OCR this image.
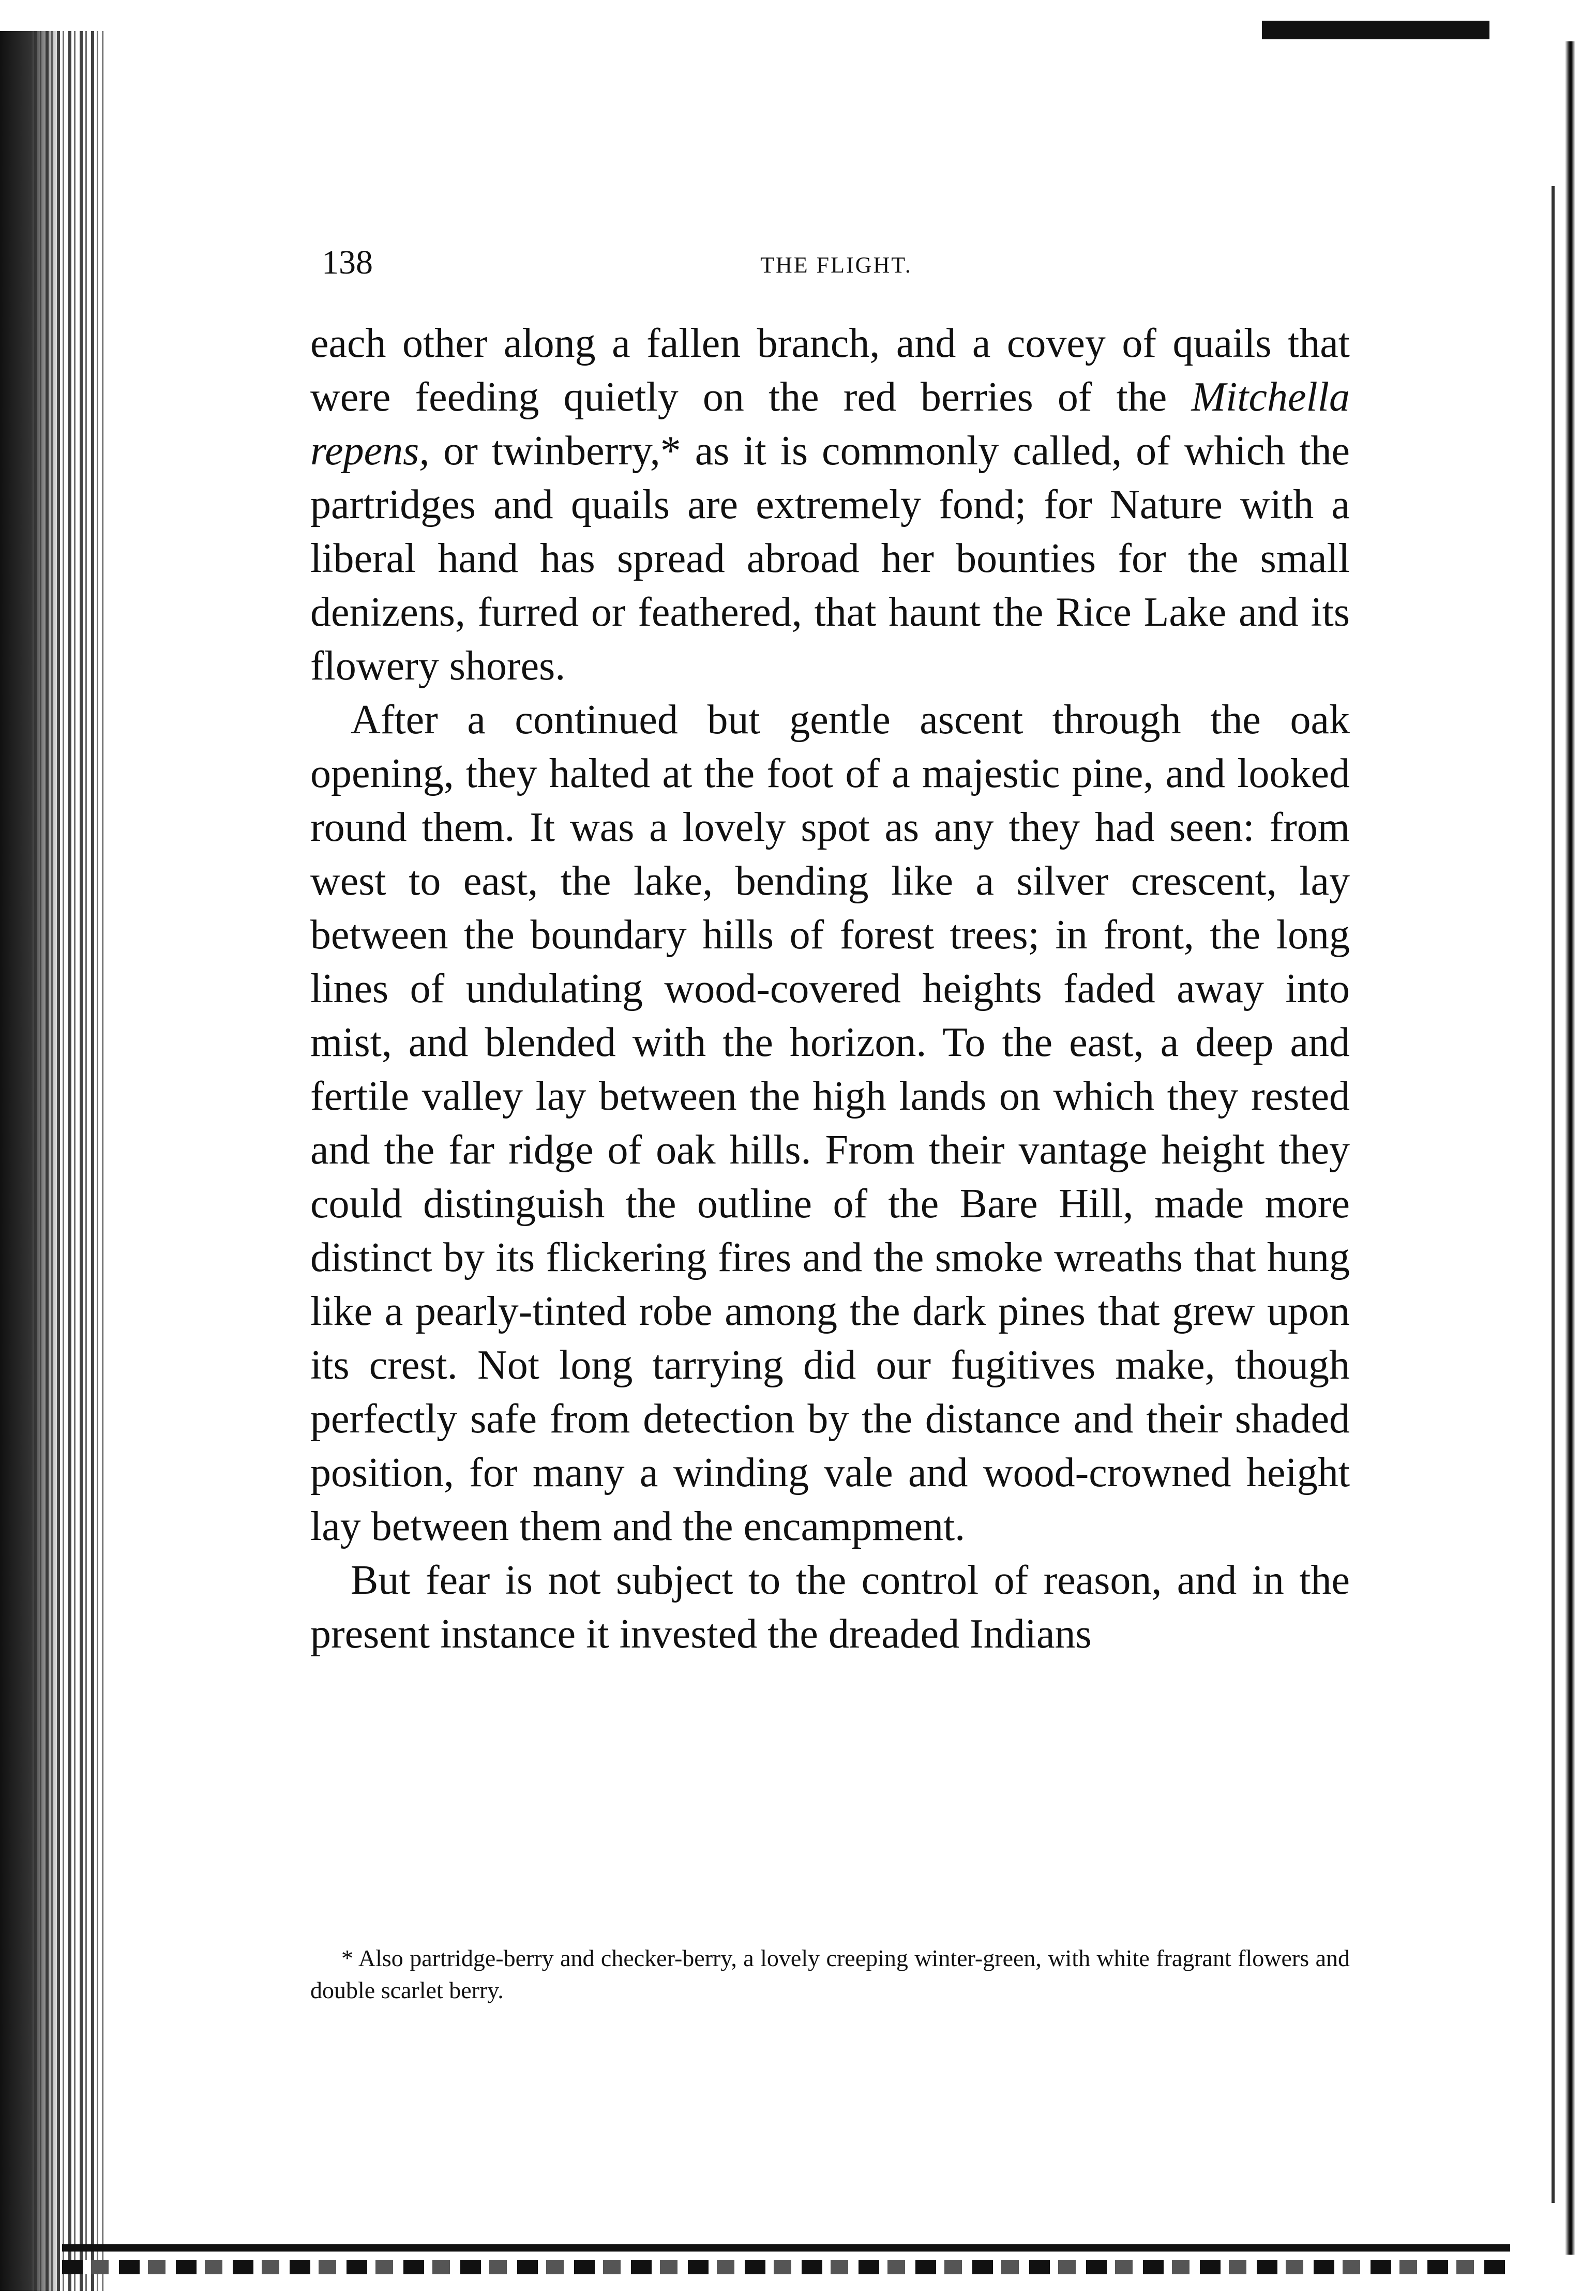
138	THE FLIGHT.

each other along a fallen branch, and a covey of quails that were feeding quietly on the red berries of the Mitchella repens, or twinberry,* as it is commonly called, of which the partridges and quails are extremely fond; for Nature with a liberal hand has spread abroad her bounties for the small denizens, furred or feathered, that haunt the Rice Lake and its flowery shores.

After a continued but gentle ascent through the oak opening, they halted at the foot of a majestic pine, and looked round them. It was a lovely spot as any they had seen: from west to east, the lake, bending like a silver crescent, lay between the boundary hills of forest trees; in front, the long lines of undulating wood-covered heights faded away into mist, and blended with the horizon. To the east, a deep and fertile valley lay between the high lands on which they rested and the far ridge of oak hills. From their vantage height they could distinguish the outline of the Bare Hill, made more distinct by its flickering fires and the smoke wreaths that hung like a pearly-tinted robe among the dark pines that grew upon its crest. Not long tarrying did our fugitives make, though perfectly safe from detection by the distance and their shaded position, for many a winding vale and wood-crowned height lay between them and the encampment.

But fear is not subject to the control of reason, and in the present instance it invested the dreaded Indians

* Also partridge-berry and checker-berry, a lovely creeping winter-green, with white fragrant flowers and double scarlet berry.
